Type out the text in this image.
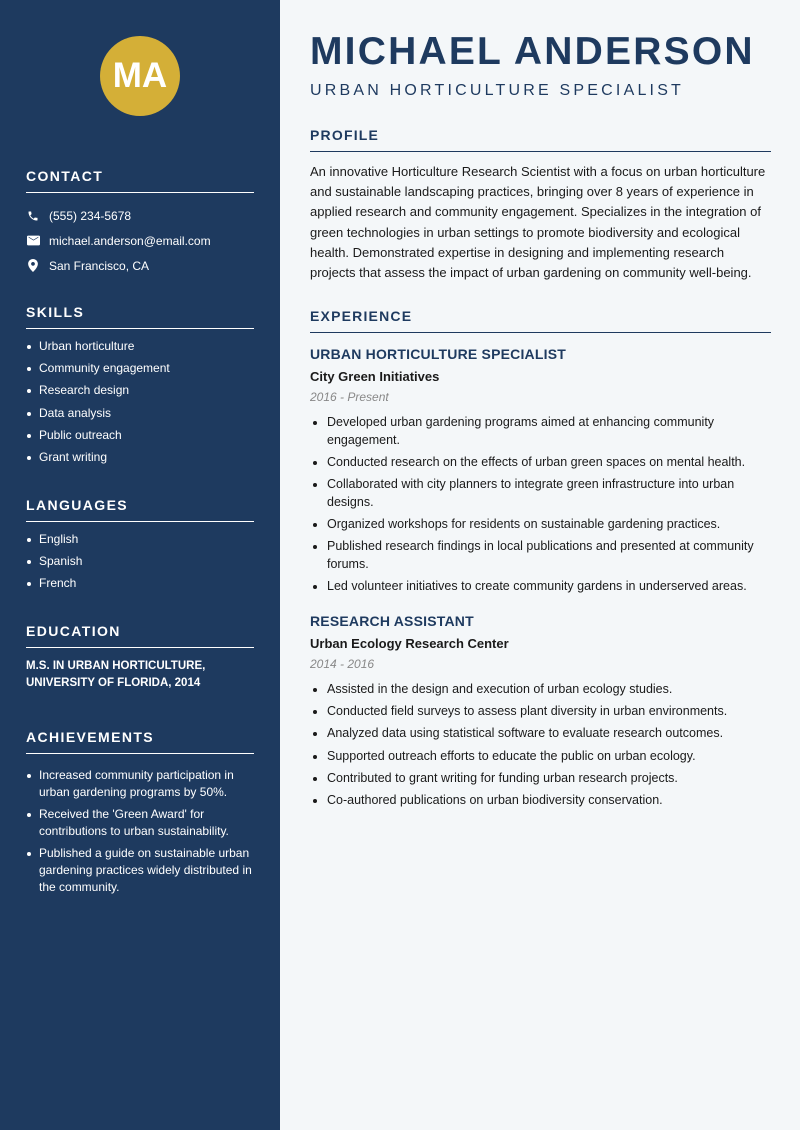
MA
CONTACT
(555) 234-5678
michael.anderson@email.com
San Francisco, CA
SKILLS
Urban horticulture
Community engagement
Research design
Data analysis
Public outreach
Grant writing
LANGUAGES
English
Spanish
French
EDUCATION
M.S. IN URBAN HORTICULTURE, UNIVERSITY OF FLORIDA, 2014
ACHIEVEMENTS
Increased community participation in urban gardening programs by 50%.
Received the 'Green Award' for contributions to urban sustainability.
Published a guide on sustainable urban gardening practices widely distributed in the community.
MICHAEL ANDERSON
URBAN HORTICULTURE SPECIALIST
PROFILE
An innovative Horticulture Research Scientist with a focus on urban horticulture and sustainable landscaping practices, bringing over 8 years of experience in applied research and community engagement. Specializes in the integration of green technologies in urban settings to promote biodiversity and ecological health. Demonstrated expertise in designing and implementing research projects that assess the impact of urban gardening on community well-being.
EXPERIENCE
URBAN HORTICULTURE SPECIALIST
City Green Initiatives
2016 - Present
Developed urban gardening programs aimed at enhancing community engagement.
Conducted research on the effects of urban green spaces on mental health.
Collaborated with city planners to integrate green infrastructure into urban designs.
Organized workshops for residents on sustainable gardening practices.
Published research findings in local publications and presented at community forums.
Led volunteer initiatives to create community gardens in underserved areas.
RESEARCH ASSISTANT
Urban Ecology Research Center
2014 - 2016
Assisted in the design and execution of urban ecology studies.
Conducted field surveys to assess plant diversity in urban environments.
Analyzed data using statistical software to evaluate research outcomes.
Supported outreach efforts to educate the public on urban ecology.
Contributed to grant writing for funding urban research projects.
Co-authored publications on urban biodiversity conservation.
